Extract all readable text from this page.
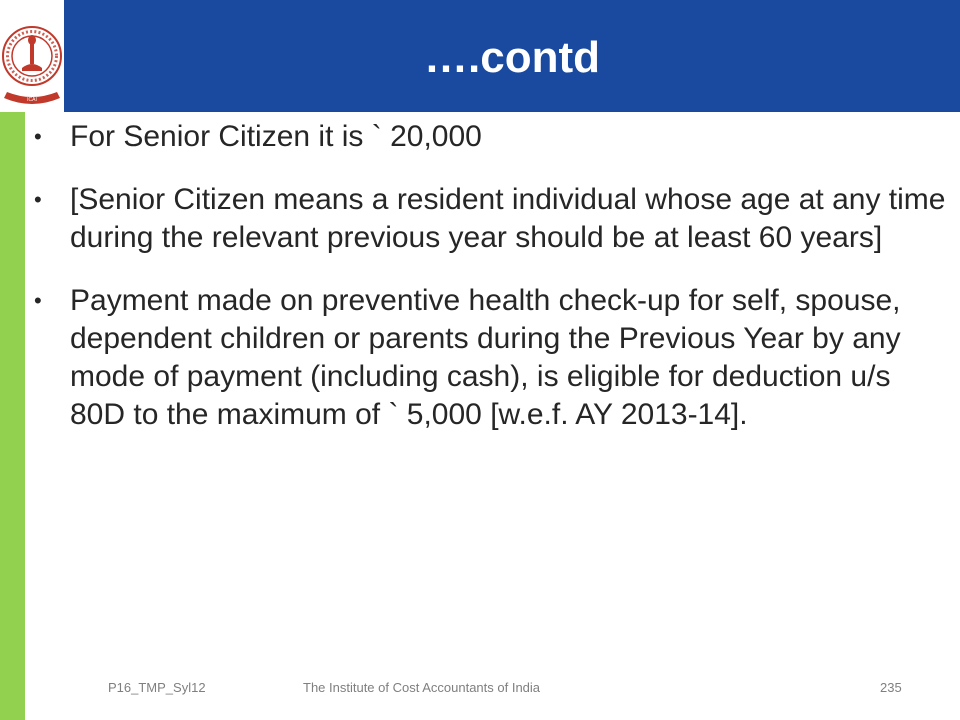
ICAI
….contd
• For Senior Citizen it is ` 20,000
• [Senior Citizen means a resident individual whose age at any time during the relevant previous year should be at least 60 years]
• Payment made on preventive health check-up for self, spouse, dependent children or parents during the Previous Year by any mode of payment (including cash), is eligible for deduction u/s 80D to the maximum of ` 5,000 [w.e.f. AY 2013-14].
P16_TMP_Syl12	The Institute of Cost Accountants of India	235
